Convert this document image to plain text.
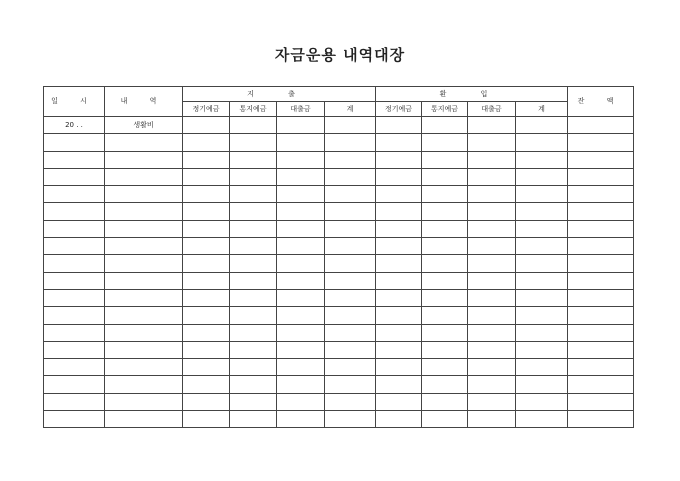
자금운용 내역대장
일 시	내 역	지 출				환 입				잔 액
		정기예금	통지예금	대출금	계	정기예금	통지예금	대출금	계	
20 . .	생활비									
